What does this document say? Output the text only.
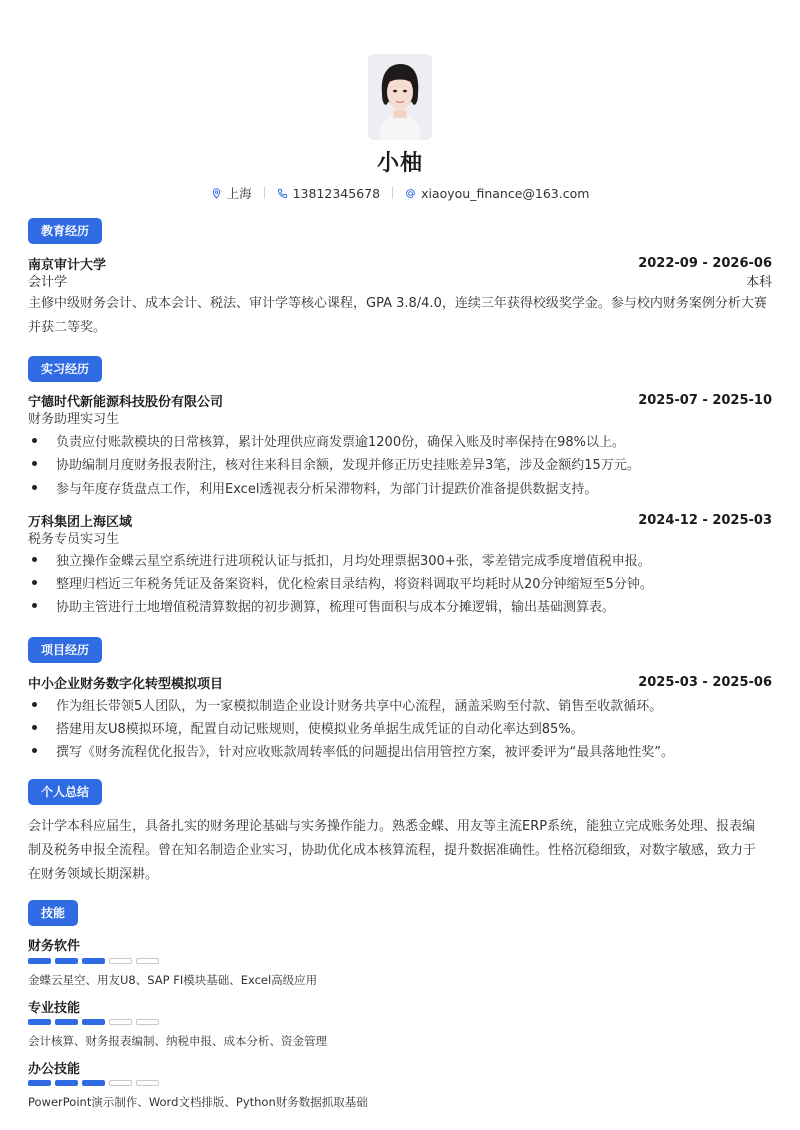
小柚
上海	13812345678	xiaoyou_finance@163.com
教育经历
南京审计大学	2022-09 - 2026-06
会计学	本科
主修中级财务会计、成本会计、税法、审计学等核心课程，GPA 3.8/4.0，连续三年获得校级奖学金。参与校内财务案例分析大赛
并获二等奖。
实习经历
宁德时代新能源科技股份有限公司	2025-07 - 2025-10
财务助理实习生
负责应付账款模块的日常核算，累计处理供应商发票逾1200份，确保入账及时率保持在98%以上。
协助编制月度财务报表附注，核对往来科目余额，发现并修正历史挂账差异3笔，涉及金额约15万元。
参与年度存货盘点工作，利用Excel透视表分析呆滞物料，为部门计提跌价准备提供数据支持。
万科集团上海区域	2024-12 - 2025-03
税务专员实习生
独立操作金蝶云星空系统进行进项税认证与抵扣，月均处理票据300+张，零差错完成季度增值税申报。
整理归档近三年税务凭证及备案资料，优化检索目录结构，将资料调取平均耗时从20分钟缩短至5分钟。
协助主管进行土地增值税清算数据的初步测算，梳理可售面积与成本分摊逻辑，输出基础测算表。
项目经历
中小企业财务数字化转型模拟项目	2025-03 - 2025-06
作为组长带领5人团队，为一家模拟制造企业设计财务共享中心流程，涵盖采购至付款、销售至收款循环。
搭建用友U8模拟环境，配置自动记账规则，使模拟业务单据生成凭证的自动化率达到85%。
撰写《财务流程优化报告》，针对应收账款周转率低的问题提出信用管控方案，被评委评为“最具落地性奖”。
个人总结
会计学本科应届生，具备扎实的财务理论基础与实务操作能力。熟悉金蝶、用友等主流ERP系统，能独立完成账务处理、报表编
制及税务申报全流程。曾在知名制造企业实习，协助优化成本核算流程，提升数据准确性。性格沉稳细致，对数字敏感，致力于
在财务领域长期深耕。
技能
财务软件
金蝶云星空、用友U8、SAP FI模块基础、Excel高级应用
专业技能
会计核算、财务报表编制、纳税申报、成本分析、资金管理
办公技能
PowerPoint演示制作、Word文档排版、Python财务数据抓取基础
